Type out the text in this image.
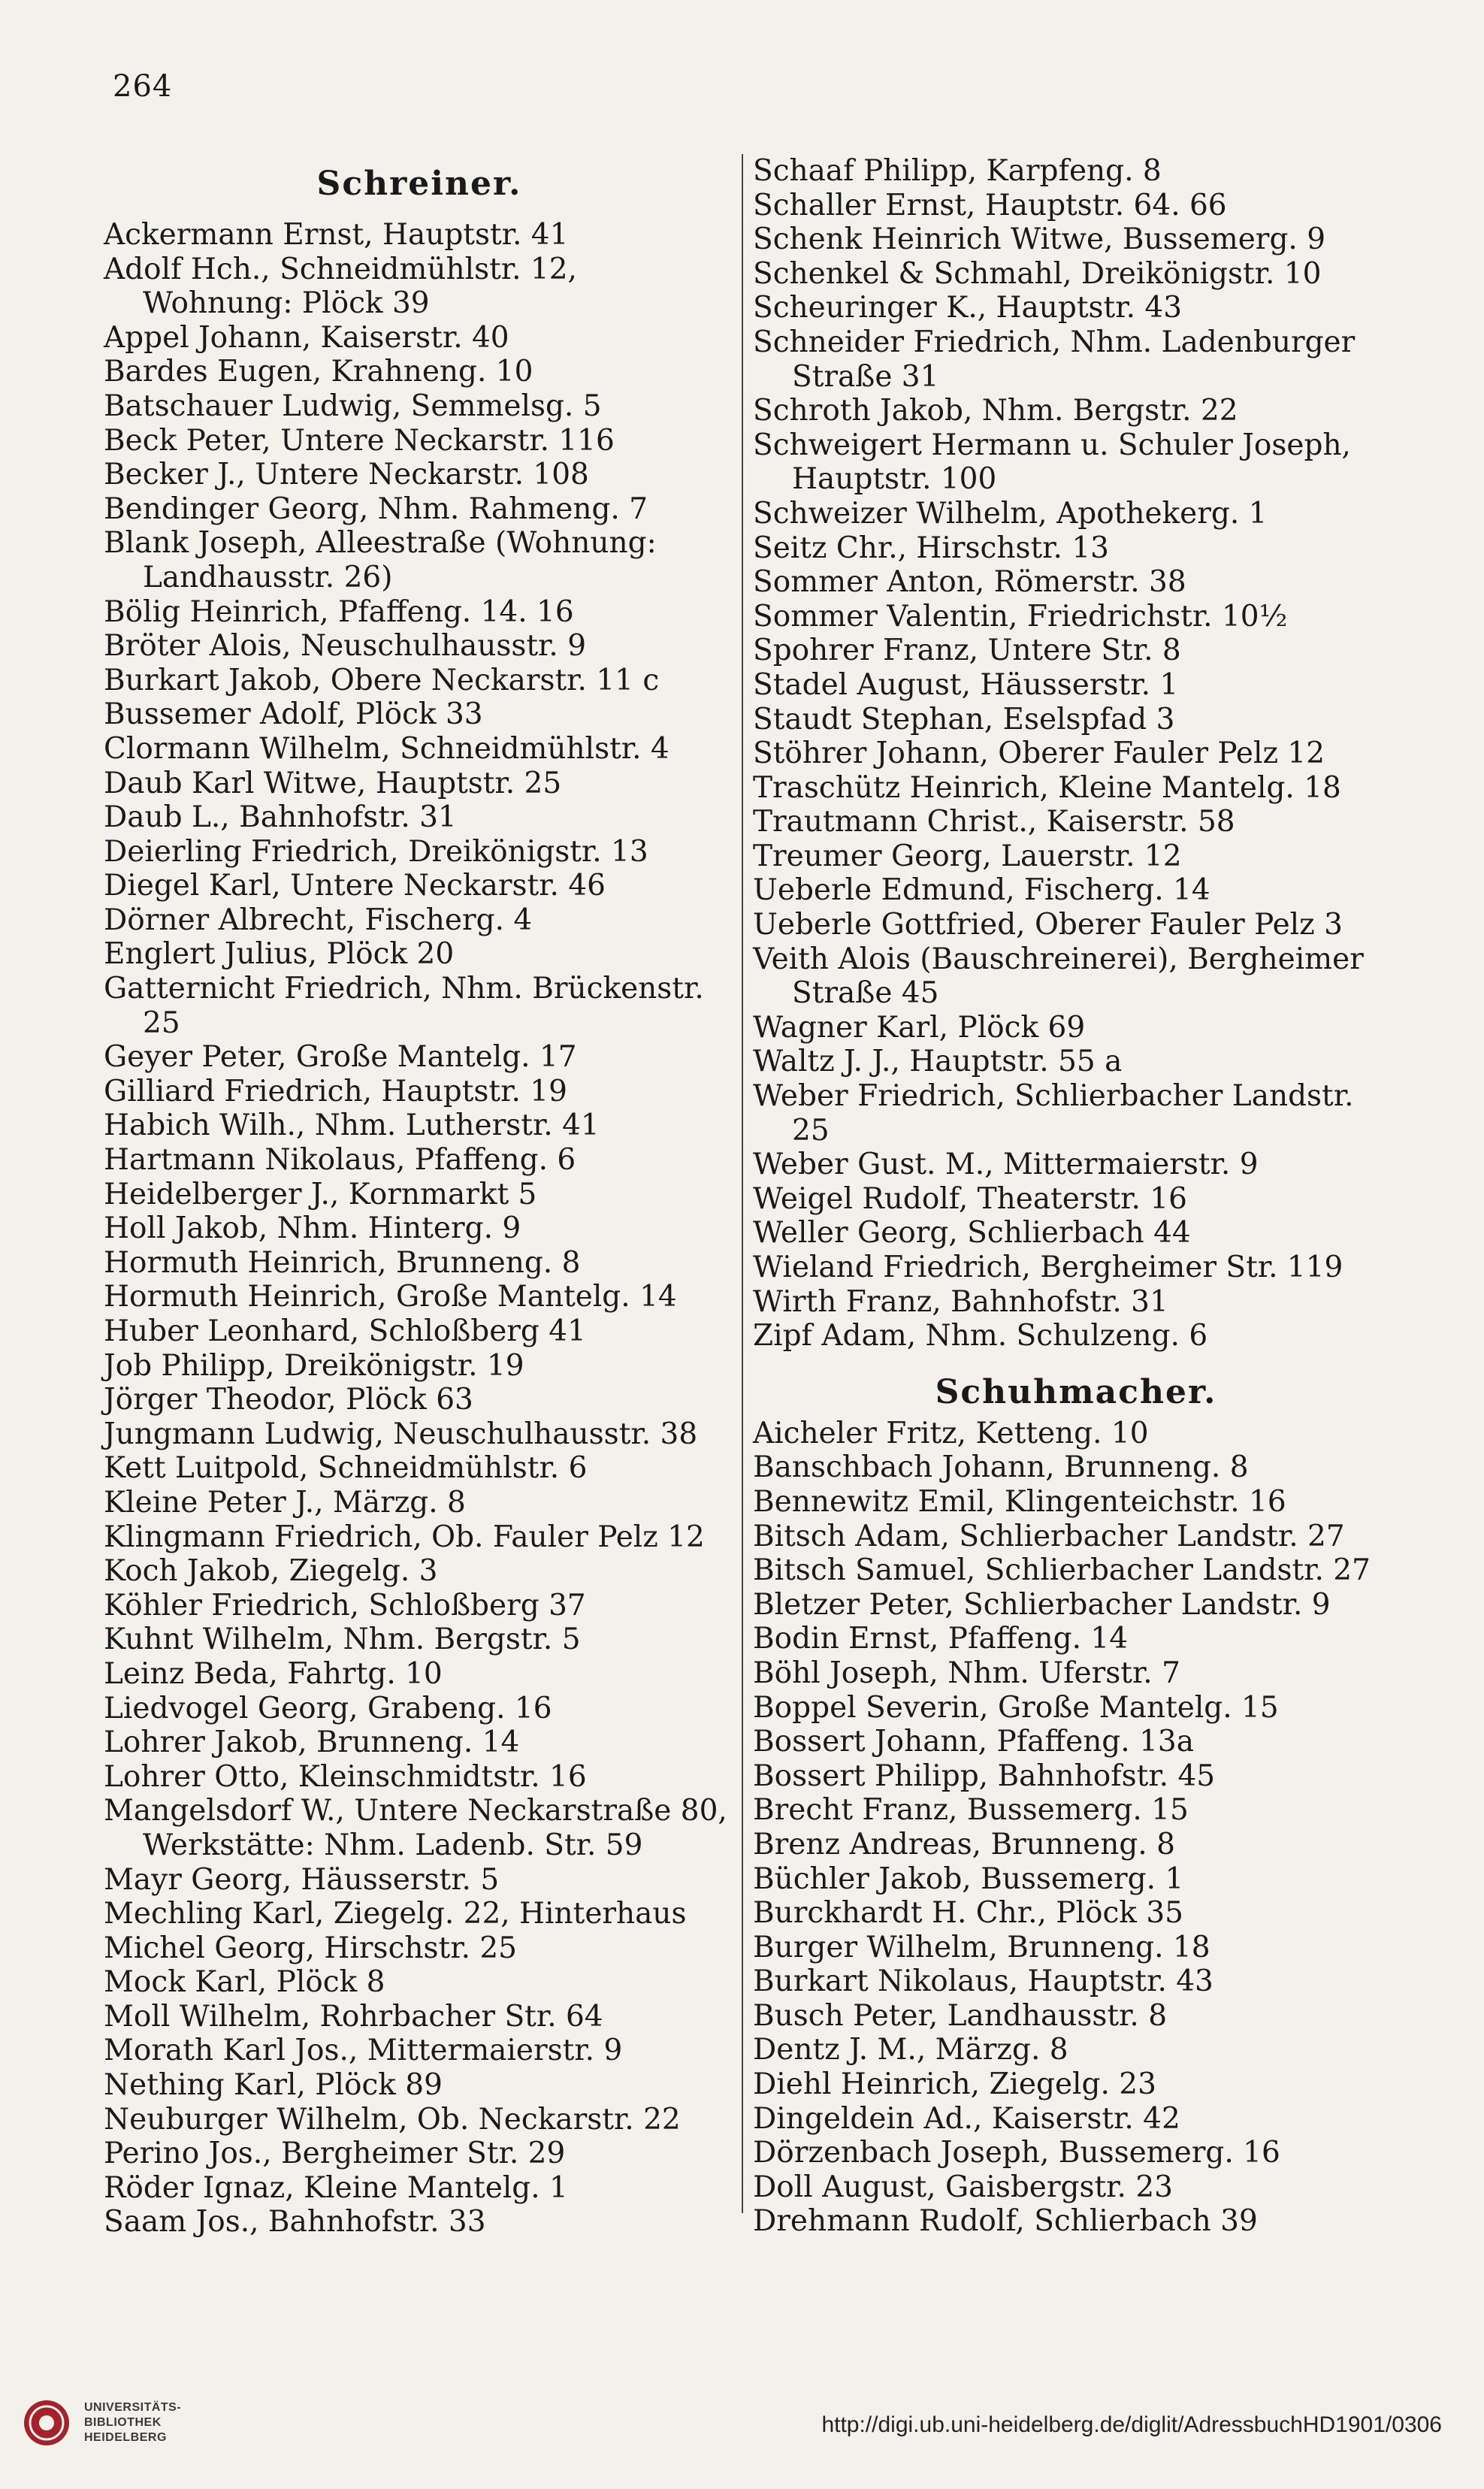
264
Schreiner.
Ackermann Ernst, Hauptstr. 41
Adolf Hch., Schneidmühlstr. 12, Wohnung: Plöck 39
Appel Johann, Kaiserstr. 40
Bardes Eugen, Krahneng. 10
Batschauer Ludwig, Semmelsg. 5
Beck Peter, Untere Neckarstr. 116
Becker J., Untere Neckarstr. 108
Bendinger Georg, Nhm. Rahmeng. 7
Blank Joseph, Alleestraße (Wohnung: Landhausstr. 26)
Bölig Heinrich, Pfaffeng. 14. 16
Bröter Alois, Neuschulhausstr. 9
Burkart Jakob, Obere Neckarstr. 11 c
Bussemer Adolf, Plöck 33
Clormann Wilhelm, Schneidmühlstr. 4
Daub Karl Witwe, Hauptstr. 25
Daub L., Bahnhofstr. 31
Deierling Friedrich, Dreikönigstr. 13
Diegel Karl, Untere Neckarstr. 46
Dörner Albrecht, Fischerg. 4
Englert Julius, Plöck 20
Gatternicht Friedrich, Nhm. Brückenstr. 25
Geyer Peter, Große Mantelg. 17
Gilliard Friedrich, Hauptstr. 19
Habich Wilh., Nhm. Lutherstr. 41
Hartmann Nikolaus, Pfaffeng. 6
Heidelberger J., Kornmarkt 5
Holl Jakob, Nhm. Hinterg. 9
Hormuth Heinrich, Brunneng. 8
Hormuth Heinrich, Große Mantelg. 14
Huber Leonhard, Schloßberg 41
Job Philipp, Dreikönigstr. 19
Jörger Theodor, Plöck 63
Jungmann Ludwig, Neuschulhausstr. 38
Kett Luitpold, Schneidmühlstr. 6
Kleine Peter J., Märzg. 8
Klingmann Friedrich, Ob. Fauler Pelz 12
Koch Jakob, Ziegelg. 3
Köhler Friedrich, Schloßberg 37
Kuhnt Wilhelm, Nhm. Bergstr. 5
Leinz Beda, Fahrtg. 10
Liedvogel Georg, Grabeng. 16
Lohrer Jakob, Brunneng. 14
Lohrer Otto, Kleinschmidtstr. 16
Mangelsdorf W., Untere Neckarstraße 80, Werkstätte: Nhm. Ladenb. Str. 59
Mayr Georg, Häusserstr. 5
Mechling Karl, Ziegelg. 22, Hinterhaus
Michel Georg, Hirschstr. 25
Mock Karl, Plöck 8
Moll Wilhelm, Rohrbacher Str. 64
Morath Karl Jos., Mittermaierstr. 9
Nething Karl, Plöck 89
Neuburger Wilhelm, Ob. Neckarstr. 22
Perino Jos., Bergheimer Str. 29
Röder Ignaz, Kleine Mantelg. 1
Saam Jos., Bahnhofstr. 33
Schaaf Philipp, Karpfeng. 8
Schaller Ernst, Hauptstr. 64. 66
Schenk Heinrich Witwe, Bussemerg. 9
Schenkel & Schmahl, Dreikönigstr. 10
Scheuringer K., Hauptstr. 43
Schneider Friedrich, Nhm. Ladenburger Straße 31
Schroth Jakob, Nhm. Bergstr. 22
Schweigert Hermann u. Schuler Joseph, Hauptstr. 100
Schweizer Wilhelm, Apothekerg. 1
Seitz Chr., Hirschstr. 13
Sommer Anton, Römerstr. 38
Sommer Valentin, Friedrichstr. 10½
Spohrer Franz, Untere Str. 8
Stadel August, Häusserstr. 1
Staudt Stephan, Eselspfad 3
Stöhrer Johann, Oberer Fauler Pelz 12
Traschütz Heinrich, Kleine Mantelg. 18
Trautmann Christ., Kaiserstr. 58
Treumer Georg, Lauerstr. 12
Ueberle Edmund, Fischerg. 14
Ueberle Gottfried, Oberer Fauler Pelz 3
Veith Alois (Bauschreinerei), Bergheimer Straße 45
Wagner Karl, Plöck 69
Waltz J. J., Hauptstr. 55 a
Weber Friedrich, Schlierbacher Landstr. 25
Weber Gust. M., Mittermaierstr. 9
Weigel Rudolf, Theaterstr. 16
Weller Georg, Schlierbach 44
Wieland Friedrich, Bergheimer Str. 119
Wirth Franz, Bahnhofstr. 31
Zipf Adam, Nhm. Schulzeng. 6
Schuhmacher.
Aicheler Fritz, Ketteng. 10
Banschbach Johann, Brunneng. 8
Bennewitz Emil, Klingenteichstr. 16
Bitsch Adam, Schlierbacher Landstr. 27
Bitsch Samuel, Schlierbacher Landstr. 27
Bletzer Peter, Schlierbacher Landstr. 9
Bodin Ernst, Pfaffeng. 14
Böhl Joseph, Nhm. Uferstr. 7
Boppel Severin, Große Mantelg. 15
Bossert Johann, Pfaffeng. 13a
Bossert Philipp, Bahnhofstr. 45
Brecht Franz, Bussemerg. 15
Brenz Andreas, Brunneng. 8
Büchler Jakob, Bussemerg. 1
Burckhardt H. Chr., Plöck 35
Burger Wilhelm, Brunneng. 18
Burkart Nikolaus, Hauptstr. 43
Busch Peter, Landhausstr. 8
Dentz J. M., Märzg. 8
Diehl Heinrich, Ziegelg. 23
Dingeldein Ad., Kaiserstr. 42
Dörzenbach Joseph, Bussemerg. 16
Doll August, Gaisbergstr. 23
Drehmann Rudolf, Schlierbach 39
UNIVERSITÄTS-
BIBLIOTHEK
HEIDELBERG
http://digi.ub.uni-heidelberg.de/diglit/AdressbuchHD1901/0306
